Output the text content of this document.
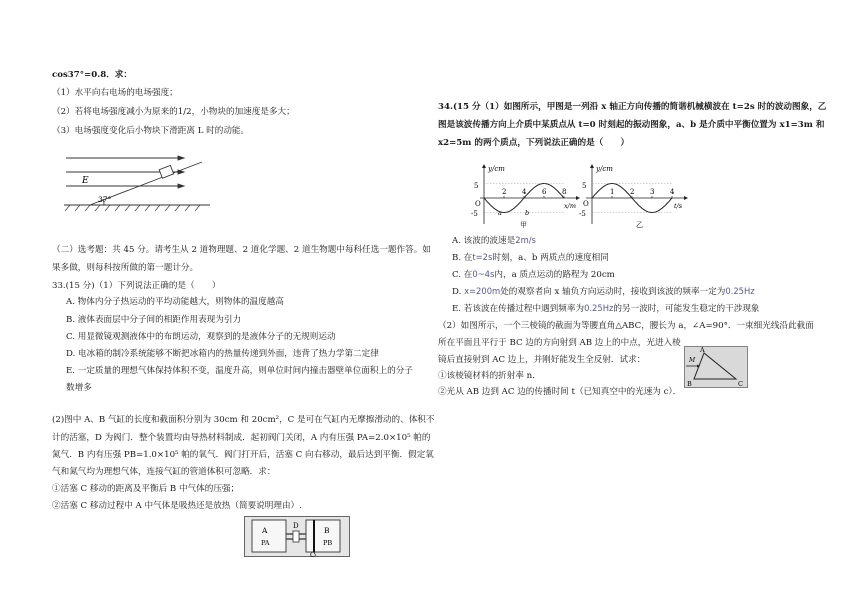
cos37°=0.8．求：
（1）水平向右电场的电场强度；
（2）若将电场强度减小为原来的1/2，小物块的加速度是多大；
（3）电场强度变化后小物块下滑距离 L 时的动能。
E
37°
（二）选考题：共 45 分。请考生从 2 道物理题、2 道化学题、2 道生物题中每科任选一题作答。如
果多做，则每科按所做的第一题计分。
33.(15 分)（1）下列说法正确的是（　　）
A. 物体内分子热运动的平均动能越大，则物体的温度越高
B. 液体表面层中分子间的相距作用表现为引力
C. 用显微镜观测液体中的布朗运动，观察到的是液体分子的无规则运动
D. 电冰箱的制冷系统能够不断把冰箱内的热量传递到外面，违背了热力学第二定律
E. 一定质量的理想气体保持体积不变，温度升高，则单位时间内撞击器壁单位面积上的分子
数增多
(2)图中 A、B 气缸的长度和截面积分别为 30cm 和 20cm²，C 是可在气缸内无摩擦滑动的、体积不
计的活塞，D 为阀门．整个装置均由导热材料制成．起初阀门关闭，A 内有压强 PA=2.0×10⁵ 帕的
氮气．B 内有压强 PB=1.0×10⁵ 帕的氧气．阀门打开后，活塞 C 向右移动，最后达到平衡．假定氧
气和氮气均为理想气体，连接气缸的管道体积可忽略．求：
①活塞 C 移动的距离及平衡后 B 中气体的压强；
②活塞 C 移动过程中 A 中气体是吸热还是放热（简要说明理由）.
A
PA
B
PB
D
C
34.(15 分（1）如图所示，甲图是一列沿 x 轴正方向传播的简谐机械横波在 t=2s 时的波动图象，乙
图是该波传播方向上介质中某质点从 t=0 时刻起的振动图象，a、b 是介质中平衡位置为 x1=3m 和
x2=5m 的两个质点，下列说法正确的是（　　）
2 4 6 8
y/cm
5
-5
O	x/m
a	b
甲
1 2 3 4
y/cm
5
-5
O	t/s
乙
A. 该波的波速是2m/s
B. 在t=2s时刻，a、b 两质点的速度相同
C. 在0~4s内，a 质点运动的路程为 20cm
D. x=200m处的观察者向 x 轴负方向运动时，接收到该波的频率一定为0.25Hz
E. 若该波在传播过程中遇到频率为0.25Hz的另一波时，可能发生稳定的干涉现象
（2）如图所示，一个三棱镜的截面为等腰直角△ABC，腰长为 a，∠A=90°．一束细光线沿此截面
所在平面且平行于 BC 边的方向射到 AB 边上的中点，光进入棱
镜后直接射到 AC 边上，并刚好能发生全反射．试求：
①该棱镜材料的折射率 n．
②光从 AB 边到 AC 边的传播时间 t（已知真空中的光速为 c）．
A
B	C
M
